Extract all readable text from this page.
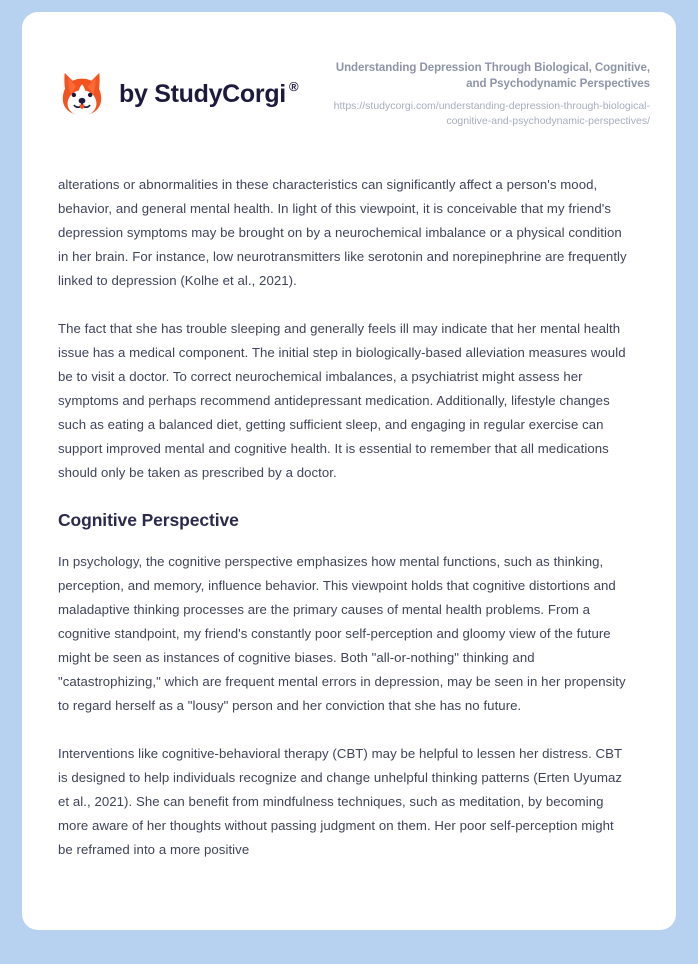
by StudyCorgi ®

Understanding Depression Through Biological, Cognitive, and Psychodynamic Perspectives

https://studycorgi.com/understanding-depression-through-biological-cognitive-and-psychodynamic-perspectives/

alterations or abnormalities in these characteristics can significantly affect a person's mood, behavior, and general mental health. In light of this viewpoint, it is conceivable that my friend's depression symptoms may be brought on by a neurochemical imbalance or a physical condition in her brain. For instance, low neurotransmitters like serotonin and norepinephrine are frequently linked to depression (Kolhe et al., 2021).

The fact that she has trouble sleeping and generally feels ill may indicate that her mental health issue has a medical component. The initial step in biologically-based alleviation measures would be to visit a doctor. To correct neurochemical imbalances, a psychiatrist might assess her symptoms and perhaps recommend antidepressant medication. Additionally, lifestyle changes such as eating a balanced diet, getting sufficient sleep, and engaging in regular exercise can support improved mental and cognitive health. It is essential to remember that all medications should only be taken as prescribed by a doctor.

Cognitive Perspective

In psychology, the cognitive perspective emphasizes how mental functions, such as thinking, perception, and memory, influence behavior. This viewpoint holds that cognitive distortions and maladaptive thinking processes are the primary causes of mental health problems. From a cognitive standpoint, my friend's constantly poor self-perception and gloomy view of the future might be seen as instances of cognitive biases. Both "all-or-nothing" thinking and "catastrophizing," which are frequent mental errors in depression, may be seen in her propensity to regard herself as a "lousy" person and her conviction that she has no future.

Interventions like cognitive-behavioral therapy (CBT) may be helpful to lessen her distress. CBT is designed to help individuals recognize and change unhelpful thinking patterns (Erten Uyumaz et al., 2021). She can benefit from mindfulness techniques, such as meditation, by becoming more aware of her thoughts without passing judgment on them. Her poor self-perception might be reframed into a more positive
